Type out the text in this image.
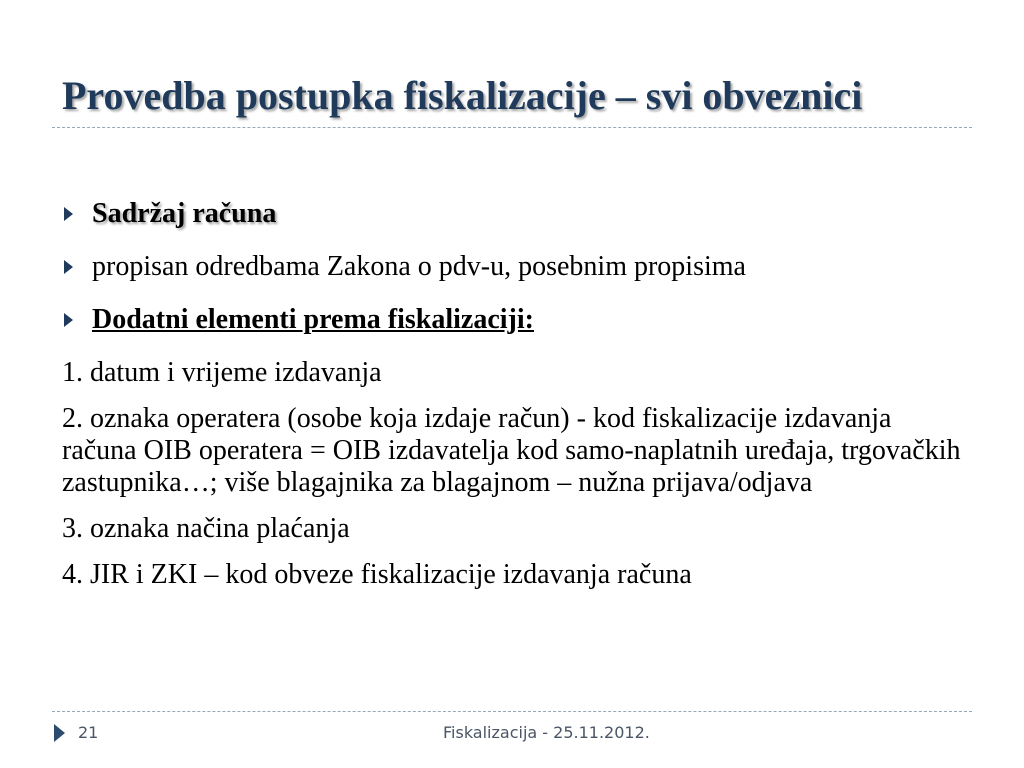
Provedba postupka fiskalizacije – svi obveznici
Sadržaj računa
propisan odredbama Zakona o pdv-u, posebnim propisima
Dodatni elementi prema fiskalizaciji:

1. datum i vrijeme izdavanja

2. oznaka operatera (osobe koja izdaje račun) - kod fiskalizacije izdavanja računa OIB operatera = OIB izdavatelja kod samo-naplatnih uređaja, trgovačkih zastupnika…; više blagajnika za blagajnom – nužna prijava/odjava

3. oznaka načina plaćanja

4. JIR i ZKI – kod obveze fiskalizacije izdavanja računa

21	Fiskalizacija - 25.11.2012.
